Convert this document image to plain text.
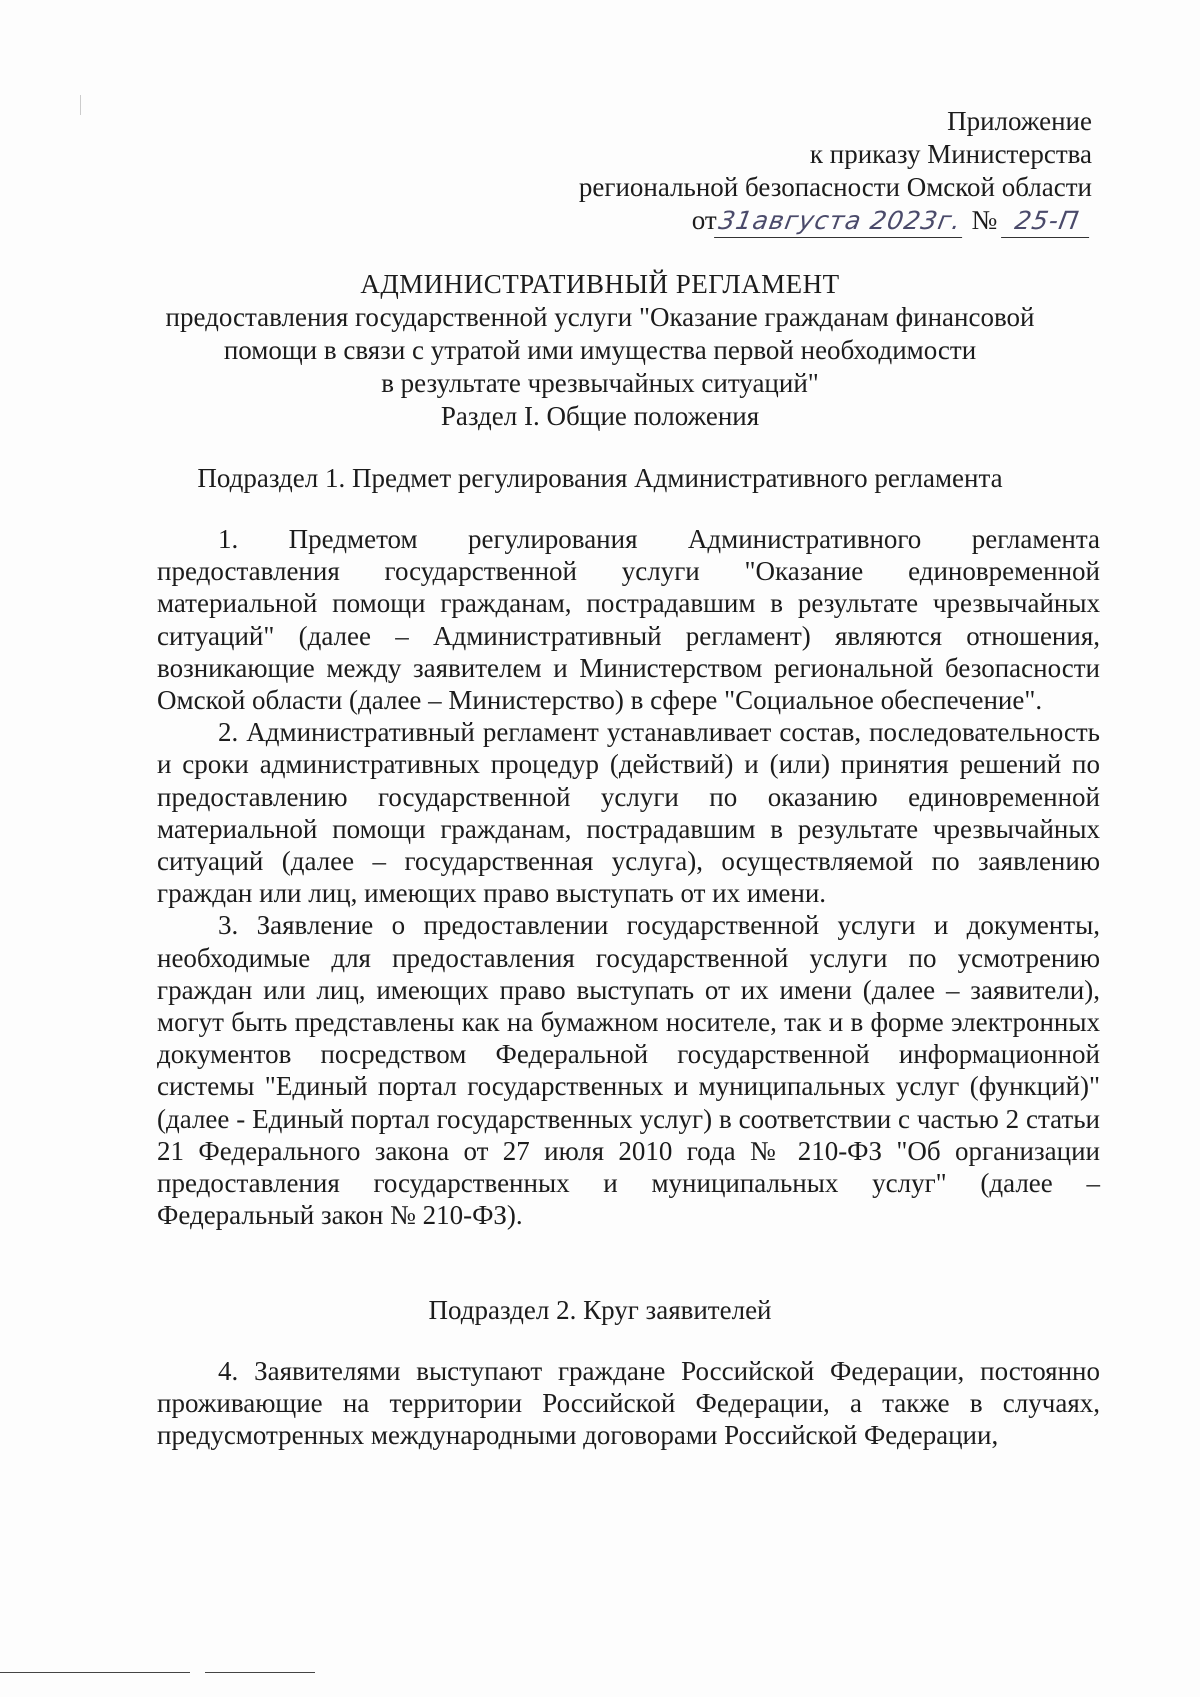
Приложение
к приказу Министерства
региональной безопасности Омской области
от31августа 2023г. № 25-П
АДМИНИСТРАТИВНЫЙ РЕГЛАМЕНТ
предоставления государственной услуги "Оказание гражданам финансовой
помощи в связи с утратой ими имущества первой необходимости
в результате чрезвычайных ситуаций"
Раздел I. Общие положения
Подраздел 1. Предмет регулирования Административного регламента

1. Предметом регулирования Административного регламента предоставления государственной услуги "Оказание единовременной материальной помощи гражданам, пострадавшим в результате чрезвычайных ситуаций" (далее – Административный регламент) являются отношения, возникающие между заявителем и Министерством региональной безопасности Омской области (далее – Министерство) в сфере "Социальное обеспечение".

2. Административный регламент устанавливает состав, последовательность и сроки административных процедур (действий) и (или) принятия решений по предоставлению государственной услуги по оказанию единовременной материальной помощи гражданам, пострадавшим в результате чрезвычайных ситуаций (далее – государственная услуга), осуществляемой по заявлению граждан или лиц, имеющих право выступать от их имени.

3. Заявление о предоставлении государственной услуги и документы, необходимые для предоставления государственной услуги по усмотрению граждан или лиц, имеющих право выступать от их имени (далее – заявители), могут быть представлены как на бумажном носителе, так и в форме электронных документов посредством Федеральной государственной информационной системы "Единый портал государственных и муниципальных услуг (функций)" (далее - Единый портал государственных услуг) в соответствии с частью 2 статьи 21 Федерального закона от 27 июля 2010 года № 210-ФЗ "Об организации предоставления государственных и муниципальных услуг" (далее – Федеральный закон № 210-ФЗ).

Подраздел 2. Круг заявителей

4. Заявителями выступают граждане Российской Федерации, постоянно проживающие на территории Российской Федерации, а также в случаях, предусмотренных международными договорами Российской Федерации,
